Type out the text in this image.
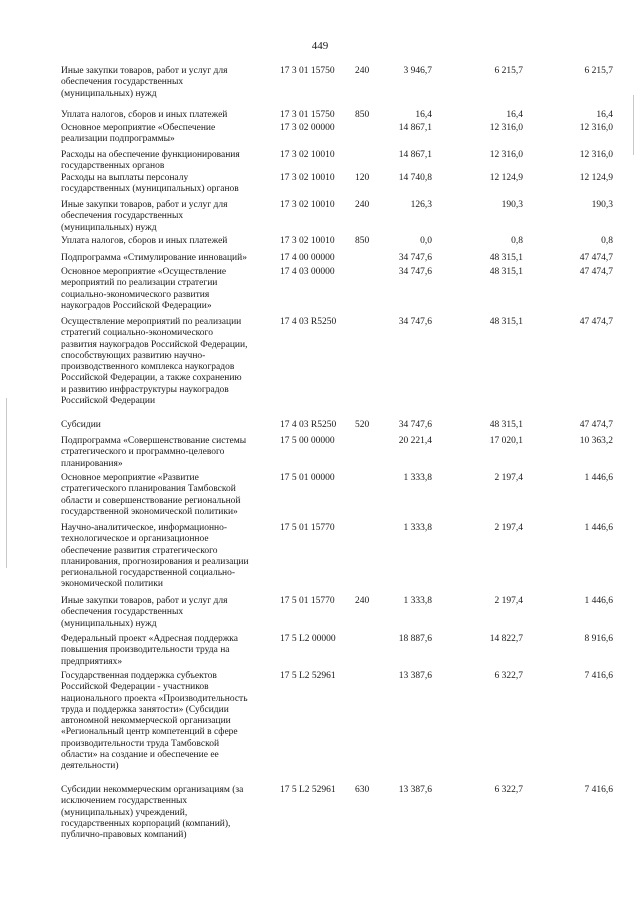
449
Иные закупки товаров, работ и услуг для
обеспечения государственных
(муниципальных) нужд
17 3 01 15750 240	3 946,7	6 215,7	6 215,7
Уплата налогов, сборов и иных платежей	17 3 01 15750 850	16,4	16,4	16,4
Основное мероприятие «Обеспечение
реализации подпрограммы»
17 3 02 00000	14 867,1	12 316,0	12 316,0
Расходы на обеспечение функционирования
государственных органов
17 3 02 10010	14 867,1	12 316,0	12 316,0
Расходы на выплаты персоналу
государственных (муниципальных) органов
17 3 02 10010 120	14 740,8	12 124,9	12 124,9
Иные закупки товаров, работ и услуг для
обеспечения государственных
(муниципальных) нужд
17 3 02 10010 240	126,3	190,3	190,3
Уплата налогов, сборов и иных платежей	17 3 02 10010 850	0,0	0,8	0,8
Подпрограмма «Стимулирование инноваций»	17 4 00 00000	34 747,6	48 315,1	47 474,7
Основное мероприятие «Осуществление
мероприятий по реализации стратегии
социально-экономического развития
наукоградов Российской Федерации»
17 4 03 00000	34 747,6	48 315,1	47 474,7
Осуществление мероприятий по реализации
стратегий социально-экономического
развития наукоградов Российской Федерации,
способствующих развитию научно-
производственного комплекса наукоградов
Российской Федерации, а также сохранению
и развитию инфраструктуры наукоградов
Российской Федерации
17 4 03 R5250	34 747,6	48 315,1	47 474,7
Субсидии	17 4 03 R5250 520	34 747,6	48 315,1	47 474,7
Подпрограмма «Совершенствование системы
стратегического и программно-целевого
планирования»
17 5 00 00000	20 221,4	17 020,1	10 363,2
Основное мероприятие «Развитие
стратегического планирования Тамбовской
области и совершенствование региональной
государственной экономической политики»
17 5 01 00000	1 333,8	2 197,4	1 446,6
Научно-аналитическое, информационно-
технологическое и организационное
обеспечение развития стратегического
планирования, прогнозирования и реализации
региональной государственной социально-
экономической политики
17 5 01 15770	1 333,8	2 197,4	1 446,6
Иные закупки товаров, работ и услуг для
обеспечения государственных
(муниципальных) нужд
17 5 01 15770 240	1 333,8	2 197,4	1 446,6
Федеральный проект «Адресная поддержка
повышения производительности труда на
предприятиях»
17 5 L2 00000	18 887,6	14 822,7	8 916,6
Государственная поддержка субъектов
Российской Федерации - участников
национального проекта «Производительность
труда и поддержка занятости» (Субсидии
автономной некоммерческой организации
«Региональный центр компетенций в сфере
производительности труда Тамбовской
области» на создание и обеспечение ее
деятельности)
17 5 L2 52961	13 387,6	6 322,7	7 416,6
Субсидии некоммерческим организациям (за
исключением государственных
(муниципальных) учреждений,
государственных корпораций (компаний),
публично-правовых компаний)
17 5 L2 52961 630	13 387,6	6 322,7	7 416,6
